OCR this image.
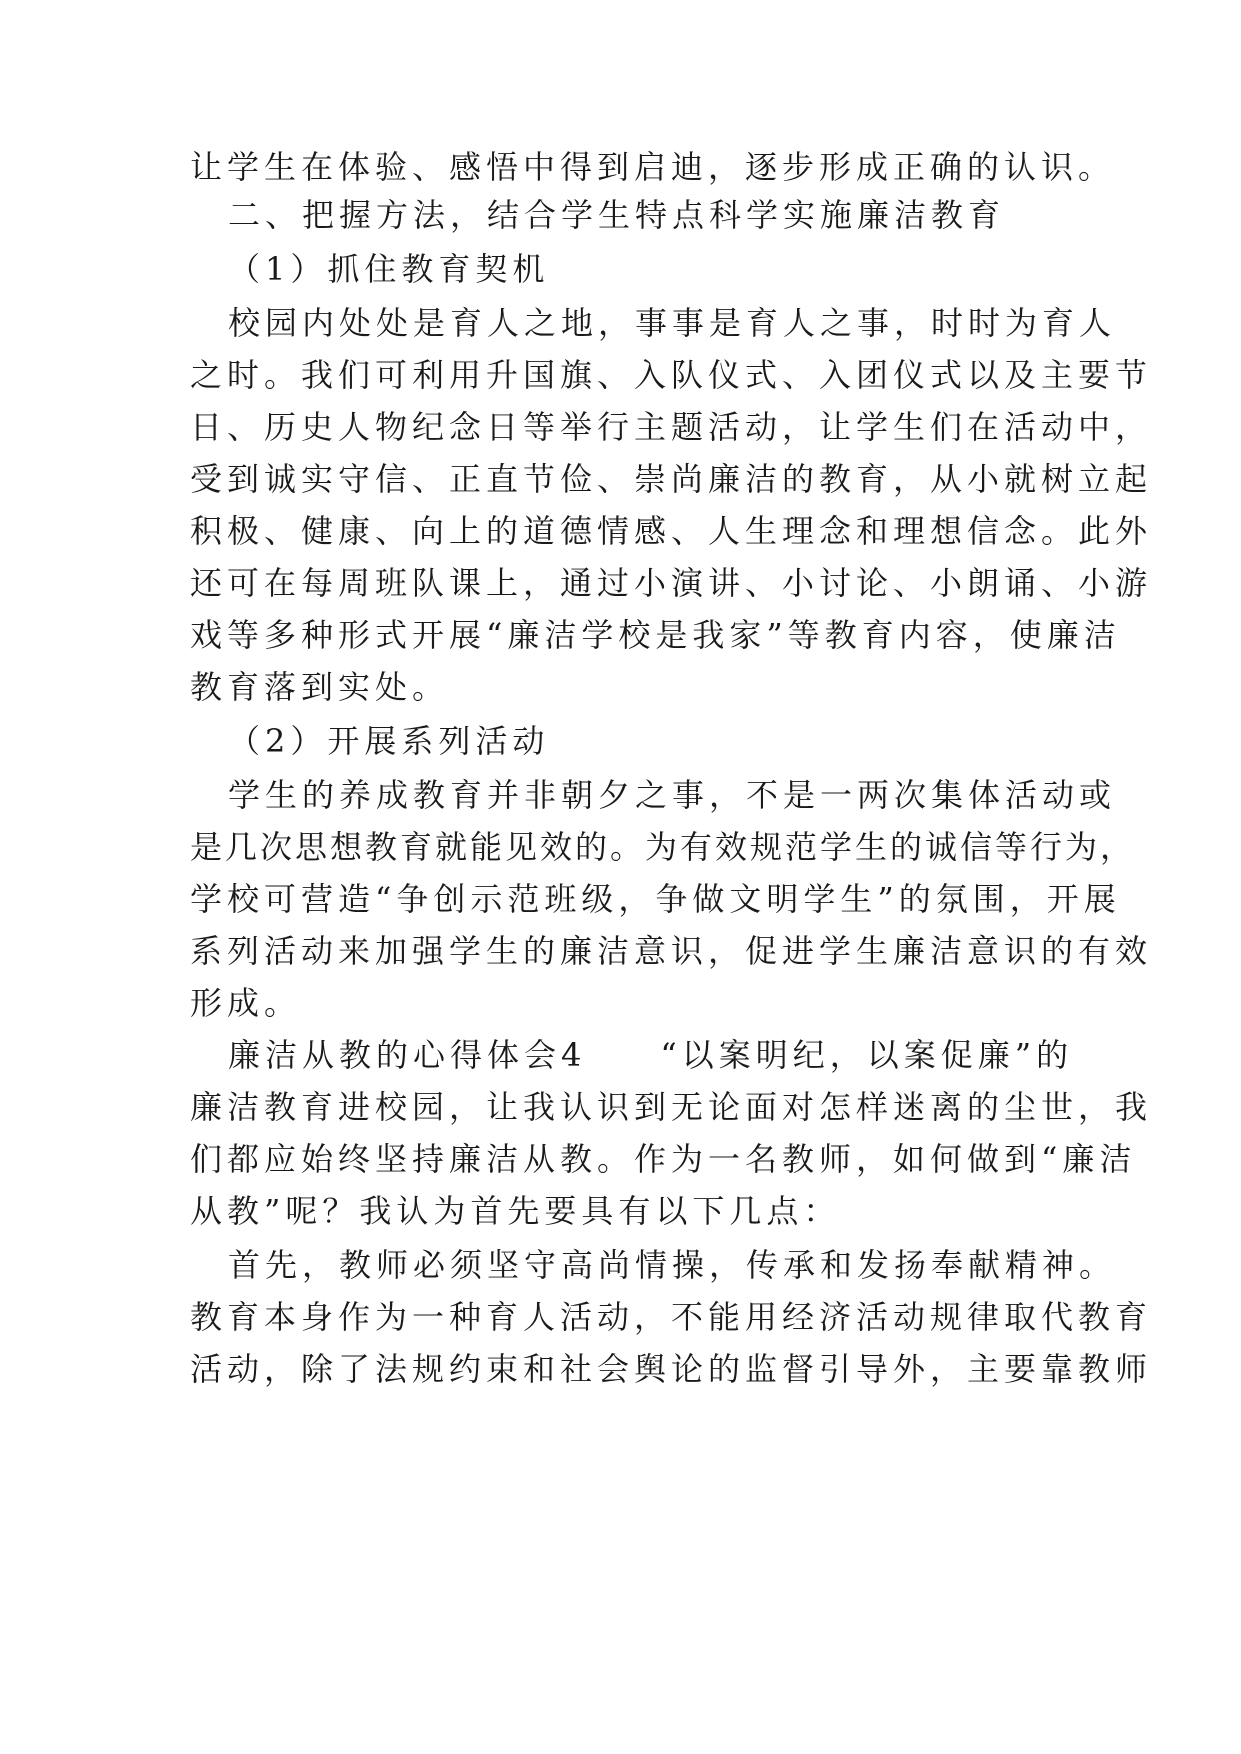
让学生在体验、感悟中得到启迪，逐步形成正确的认识。
二、把握方法，结合学生特点科学实施廉洁教育
（1）抓住教育契机
校园内处处是育人之地，事事是育人之事，时时为育人
之时。我们可利用升国旗、入队仪式、入团仪式以及主要节
日、历史人物纪念日等举行主题活动，让学生们在活动中，
受到诚实守信、正直节俭、崇尚廉洁的教育，从小就树立起
积极、健康、向上的道德情感、人生理念和理想信念。此外
还可在每周班队课上，通过小演讲、小讨论、小朗诵、小游
戏等多种形式开展“廉洁学校是我家”等教育内容，使廉洁
教育落到实处。
（2）开展系列活动
学生的养成教育并非朝夕之事，不是一两次集体活动或
是几次思想教育就能见效的。为有效规范学生的诚信等行为，
学校可营造“争创示范班级，争做文明学生”的氛围，开展
系列活动来加强学生的廉洁意识，促进学生廉洁意识的有效
形成。
廉洁从教的心得体会4　　“以案明纪，以案促廉”的
廉洁教育进校园，让我认识到无论面对怎样迷离的尘世，我
们都应始终坚持廉洁从教。作为一名教师，如何做到“廉洁
从教”呢？我认为首先要具有以下几点：
首先，教师必须坚守高尚情操，传承和发扬奉献精神。
教育本身作为一种育人活动，不能用经济活动规律取代教育
活动，除了法规约束和社会舆论的监督引导外，主要靠教师
